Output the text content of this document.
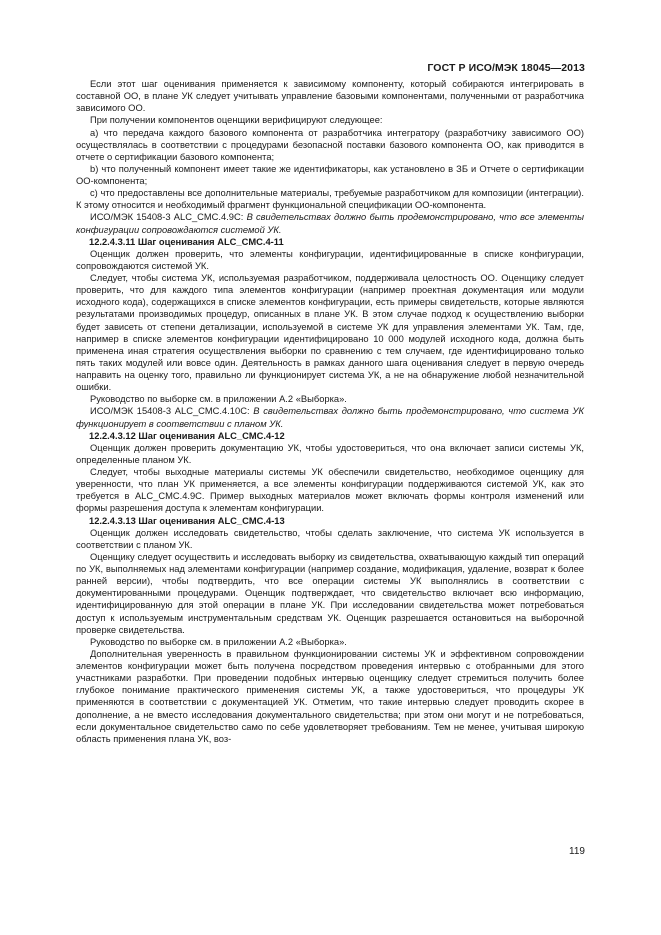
ГОСТ Р ИСО/МЭК 18045—2013

Если этот шаг оценивания применяется к зависимому компоненту, который собираются интегрировать в составной ОО, в плане УК следует учитывать управление базовыми компонентами, полученными от разработчика зависимого ОО.

При получении компонентов оценщики верифицируют следующее:

а) что передача каждого базового компонента от разработчика интегратору (разработчику зависимого ОО) осуществлялась в соответствии с процедурами безопасной поставки базового компонента ОО, как приводится в отчете о сертификации базового компонента;

b) что полученный компонент имеет такие же идентификаторы, как установлено в ЗБ и Отчете о сертификации ОО-компонента;

c) что предоставлены все дополнительные материалы, требуемые разработчиком для композиции (интеграции). К этому относится и необходимый фрагмент функциональной спецификации ОО-компонента.

ИСО/МЭК 15408-3 ALC_CMC.4.9C: В свидетельствах должно быть продемонстрировано, что все элементы конфигурации сопровождаются системой УК.

12.2.4.3.11 Шаг оценивания ALC_CMC.4-11

Оценщик должен проверить, что элементы конфигурации, идентифицированные в списке конфигурации, сопровождаются системой УК.

Следует, чтобы система УК, используемая разработчиком, поддерживала целостность ОО. Оценщику следует проверить, что для каждого типа элементов конфигурации (например проектная документация или модули исходного кода), содержащихся в списке элементов конфигурации, есть примеры свидетельств, которые являются результатами производимых процедур, описанных в плане УК. В этом случае подход к осуществлению выборки будет зависеть от степени детализации, используемой в системе УК для управления элементами УК. Там, где, например в списке элементов конфигурации идентифицировано 10 000 модулей исходного кода, должна быть применена иная стратегия осуществления выборки по сравнению с тем случаем, где идентифицировано только пять таких модулей или вовсе один. Деятельность в рамках данного шага оценивания следует в первую очередь направить на оценку того, правильно ли функционирует система УК, а не на обнаружение любой незначительной ошибки.

Руководство по выборке см. в приложении А.2 «Выборка».

ИСО/МЭК 15408-3 ALC_CMC.4.10C: В свидетельствах должно быть продемонстрировано, что система УК функционирует в соответствии с планом УК.

12.2.4.3.12 Шаг оценивания ALC_CMC.4-12

Оценщик должен проверить документацию УК, чтобы удостовериться, что она включает записи системы УК, определенные планом УК.

Следует, чтобы выходные материалы системы УК обеспечили свидетельство, необходимое оценщику для уверенности, что план УК применяется, а все элементы конфигурации поддерживаются системой УК, как это требуется в ALC_CMC.4.9C. Пример выходных материалов может включать формы контроля изменений или формы разрешения доступа к элементам конфигурации.

12.2.4.3.13 Шаг оценивания ALC_CMC.4-13

Оценщик должен исследовать свидетельство, чтобы сделать заключение, что система УК используется в соответствии с планом УК.

Оценщику следует осуществить и исследовать выборку из свидетельства, охватывающую каждый тип операций по УК, выполняемых над элементами конфигурации (например создание, модификация, удаление, возврат к более ранней версии), чтобы подтвердить, что все операции системы УК выполнялись в соответствии с документированными процедурами. Оценщик подтверждает, что свидетельство включает всю информацию, идентифицированную для этой операции в плане УК. При исследовании свидетельства может потребоваться доступ к используемым инструментальным средствам УК. Оценщик разрешается остановиться на выборочной проверке свидетельства.

Руководство по выборке см. в приложении А.2 «Выборка».

Дополнительная уверенность в правильном функционировании системы УК и эффективном сопровождении элементов конфигурации может быть получена посредством проведения интервью с отобранными для этого участниками разработки. При проведении подобных интервью оценщику следует стремиться получить более глубокое понимание практического применения системы УК, а также удостовериться, что процедуры УК применяются в соответствии с документацией УК. Отметим, что такие интервью следует проводить скорее в дополнение, а не вместо исследования документального свидетельства; при этом они могут и не потребоваться, если документальное свидетельство само по себе удовлетворяет требованиям. Тем не менее, учитывая широкую область применения плана УК, воз-

119
